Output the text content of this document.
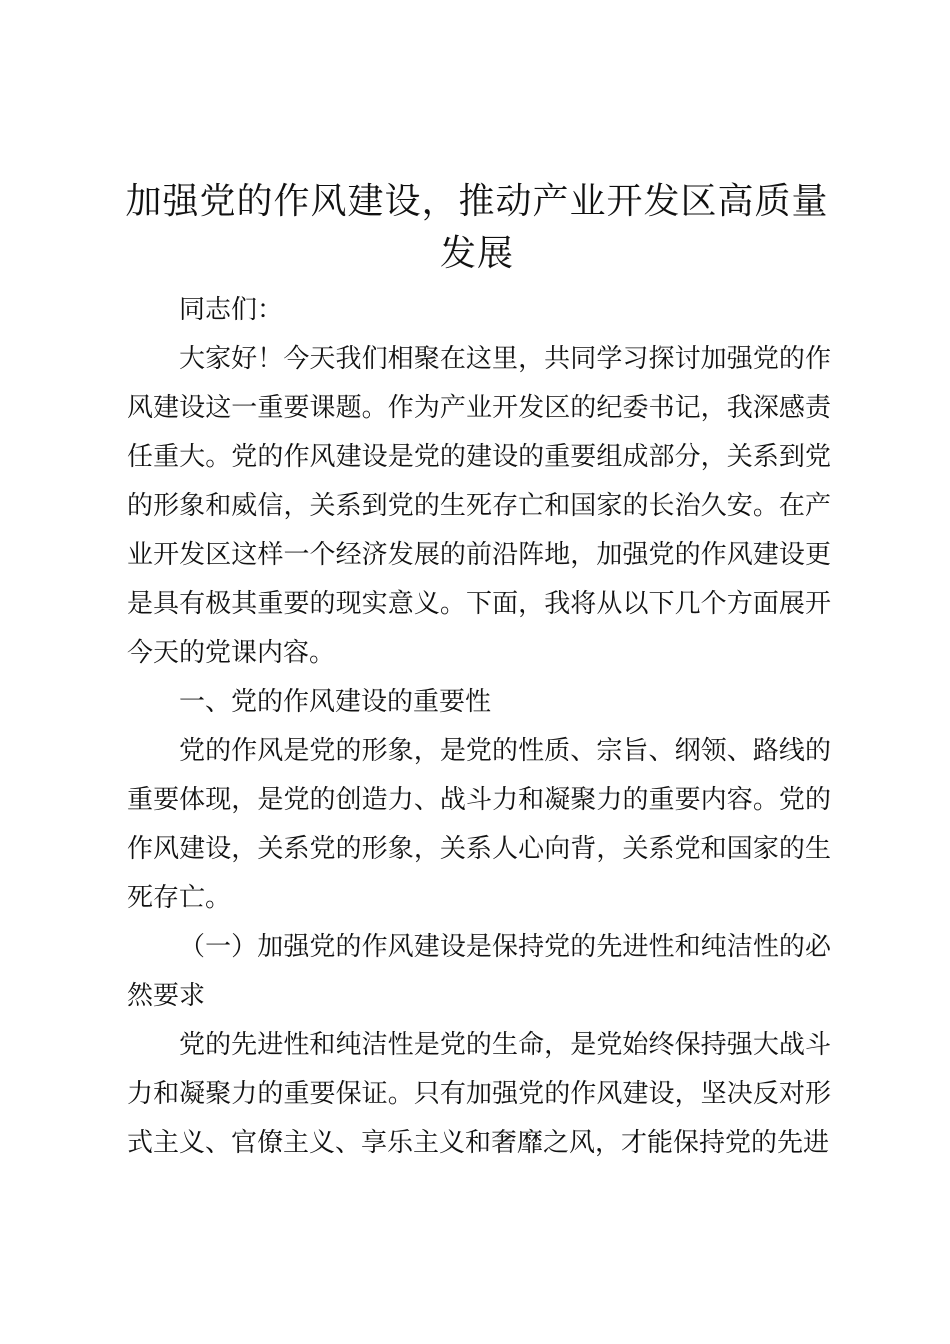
加强党的作风建设，推动产业开发区高质量发展

同志们：

大家好！今天我们相聚在这里，共同学习探讨加强党的作风建设这一重要课题。作为产业开发区的纪委书记，我深感责任重大。党的作风建设是党的建设的重要组成部分，关系到党的形象和威信，关系到党的生死存亡和国家的长治久安。在产业开发区这样一个经济发展的前沿阵地，加强党的作风建设更是具有极其重要的现实意义。下面，我将从以下几个方面展开今天的党课内容。

一、党的作风建设的重要性

党的作风是党的形象，是党的性质、宗旨、纲领、路线的重要体现，是党的创造力、战斗力和凝聚力的重要内容。党的作风建设，关系党的形象，关系人心向背，关系党和国家的生死存亡。

（一）加强党的作风建设是保持党的先进性和纯洁性的必然要求

党的先进性和纯洁性是党的生命，是党始终保持强大战斗力和凝聚力的重要保证。只有加强党的作风建设，坚决反对形式主义、官僚主义、享乐主义和奢靡之风，才能保持党的先进
